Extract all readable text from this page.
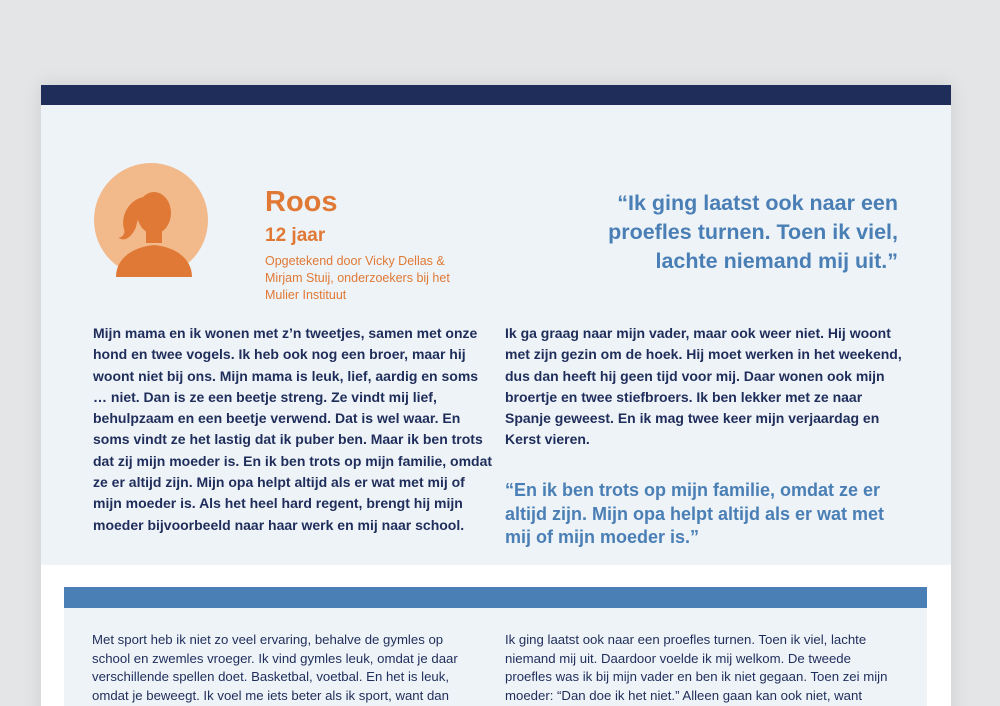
Roos
12 jaar
Opgetekend door Vicky Dellas & Mirjam Stuij, onderzoekers bij het Mulier Instituut
“Ik ging laatst ook naar een proefles turnen. Toen ik viel, lachte niemand mij uit.”
Mijn mama en ik wonen met z’n tweetjes, samen met onze hond en twee vogels. Ik heb ook nog een broer, maar hij woont niet bij ons. Mijn mama is leuk, lief, aardig en soms … niet. Dan is ze een beetje streng. Ze vindt mij lief, behulpzaam en een beetje verwend. Dat is wel waar. En soms vindt ze het lastig dat ik puber ben. Maar ik ben trots dat zij mijn moeder is. En ik ben trots op mijn familie, omdat ze er altijd zijn. Mijn opa helpt altijd als er wat met mij of mijn moeder is. Als het heel hard regent, brengt hij mijn moeder bijvoorbeeld naar haar werk en mij naar school.
Ik ga graag naar mijn vader, maar ook weer niet. Hij woont met zijn gezin om de hoek. Hij moet werken in het weekend, dus dan heeft hij geen tijd voor mij. Daar wonen ook mijn broertje en twee stiefbroers. Ik ben lekker met ze naar Spanje geweest. En ik mag twee keer mijn verjaardag en Kerst vieren.
“En ik ben trots op mijn familie, omdat ze er altijd zijn. Mijn opa helpt altijd als er wat met mij of mijn moeder is.”
Met sport heb ik niet zo veel ervaring, behalve de gymles op school en zwemles vroeger. Ik vind gymles leuk, omdat je daar verschillende spellen doet. Basketbal, voetbal. En het is leuk, omdat je beweegt. Ik voel me iets beter als ik sport, want dan
Ik ging laatst ook naar een proefles turnen. Toen ik viel, lachte niemand mij uit. Daardoor voelde ik mij welkom. De tweede proefles was ik bij mijn vader en ben ik niet gegaan. Toen zei mijn moeder: “Dan doe ik het niet.” Alleen gaan kan ook niet, want
